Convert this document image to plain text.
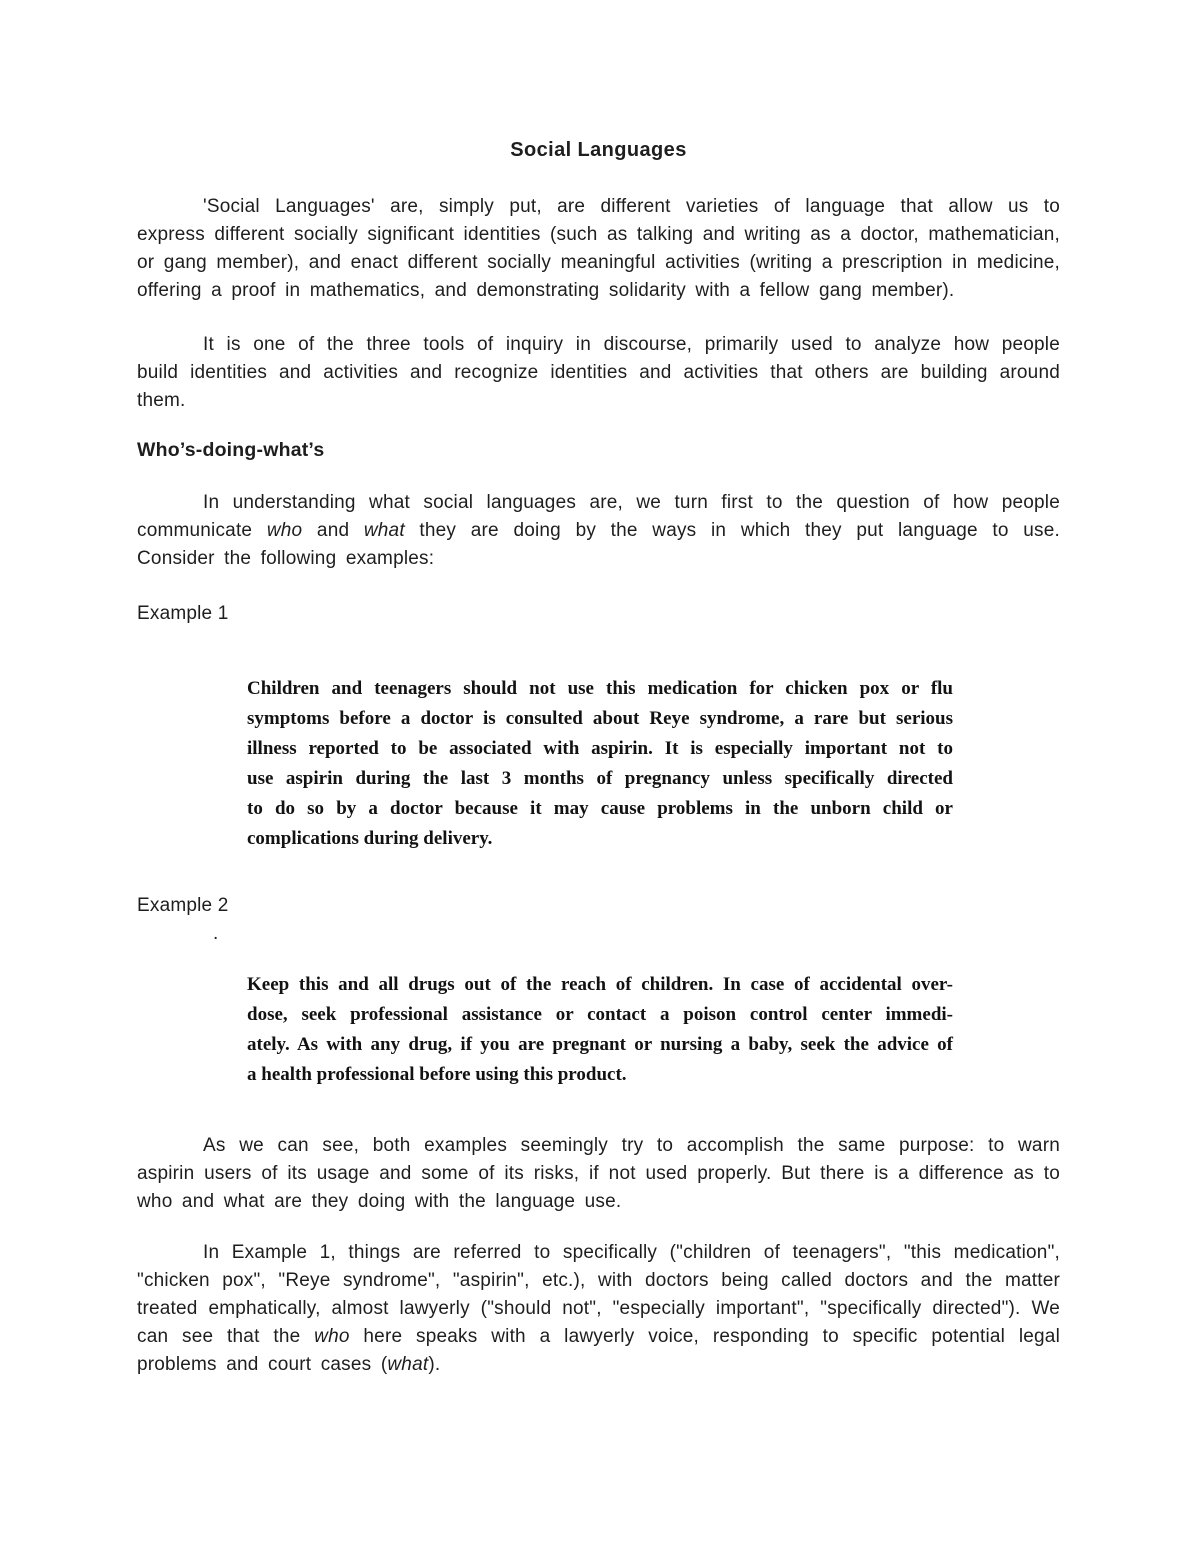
Social Languages

'Social Languages' are, simply put, are different varieties of language that allow us to express different socially significant identities (such as talking and writing as a doctor, mathematician, or gang member), and enact different socially meaningful activities (writing a prescription in medicine, offering a proof in mathematics, and demonstrating solidarity with a fellow gang member).

It is one of the three tools of inquiry in discourse, primarily used to analyze how people build identities and activities and recognize identities and activities that others are building around them.

Who’s-doing-what’s

In understanding what social languages are, we turn first to the question of how people communicate who and what they are doing by the ways in which they put language to use. Consider the following examples:

Example 1

Children and teenagers should not use this medication for chicken pox or flu
symptoms before a doctor is consulted about Reye syndrome, a rare but serious
illness reported to be associated with aspirin. It is especially important not to
use aspirin during the last 3 months of pregnancy unless specifically directed
to do so by a doctor because it may cause problems in the unborn child or
complications during delivery.

Example 2

.
Keep this and all drugs out of the reach of children. In case of accidental over-
dose, seek professional assistance or contact a poison control center immedi-
ately. As with any drug, if you are pregnant or nursing a baby, seek the advice of
a health professional before using this product.

As we can see, both examples seemingly try to accomplish the same purpose: to warn aspirin users of its usage and some of its risks, if not used properly. But there is a difference as to who and what are they doing with the language use.

In Example 1, things are referred to specifically ("children of teenagers", "this medication", "chicken pox", "Reye syndrome", "aspirin", etc.), with doctors being called doctors and the matter treated emphatically, almost lawyerly ("should not", "especially important", "specifically directed"). We can see that the who here speaks with a lawyerly voice, responding to specific potential legal problems and court cases (what).
